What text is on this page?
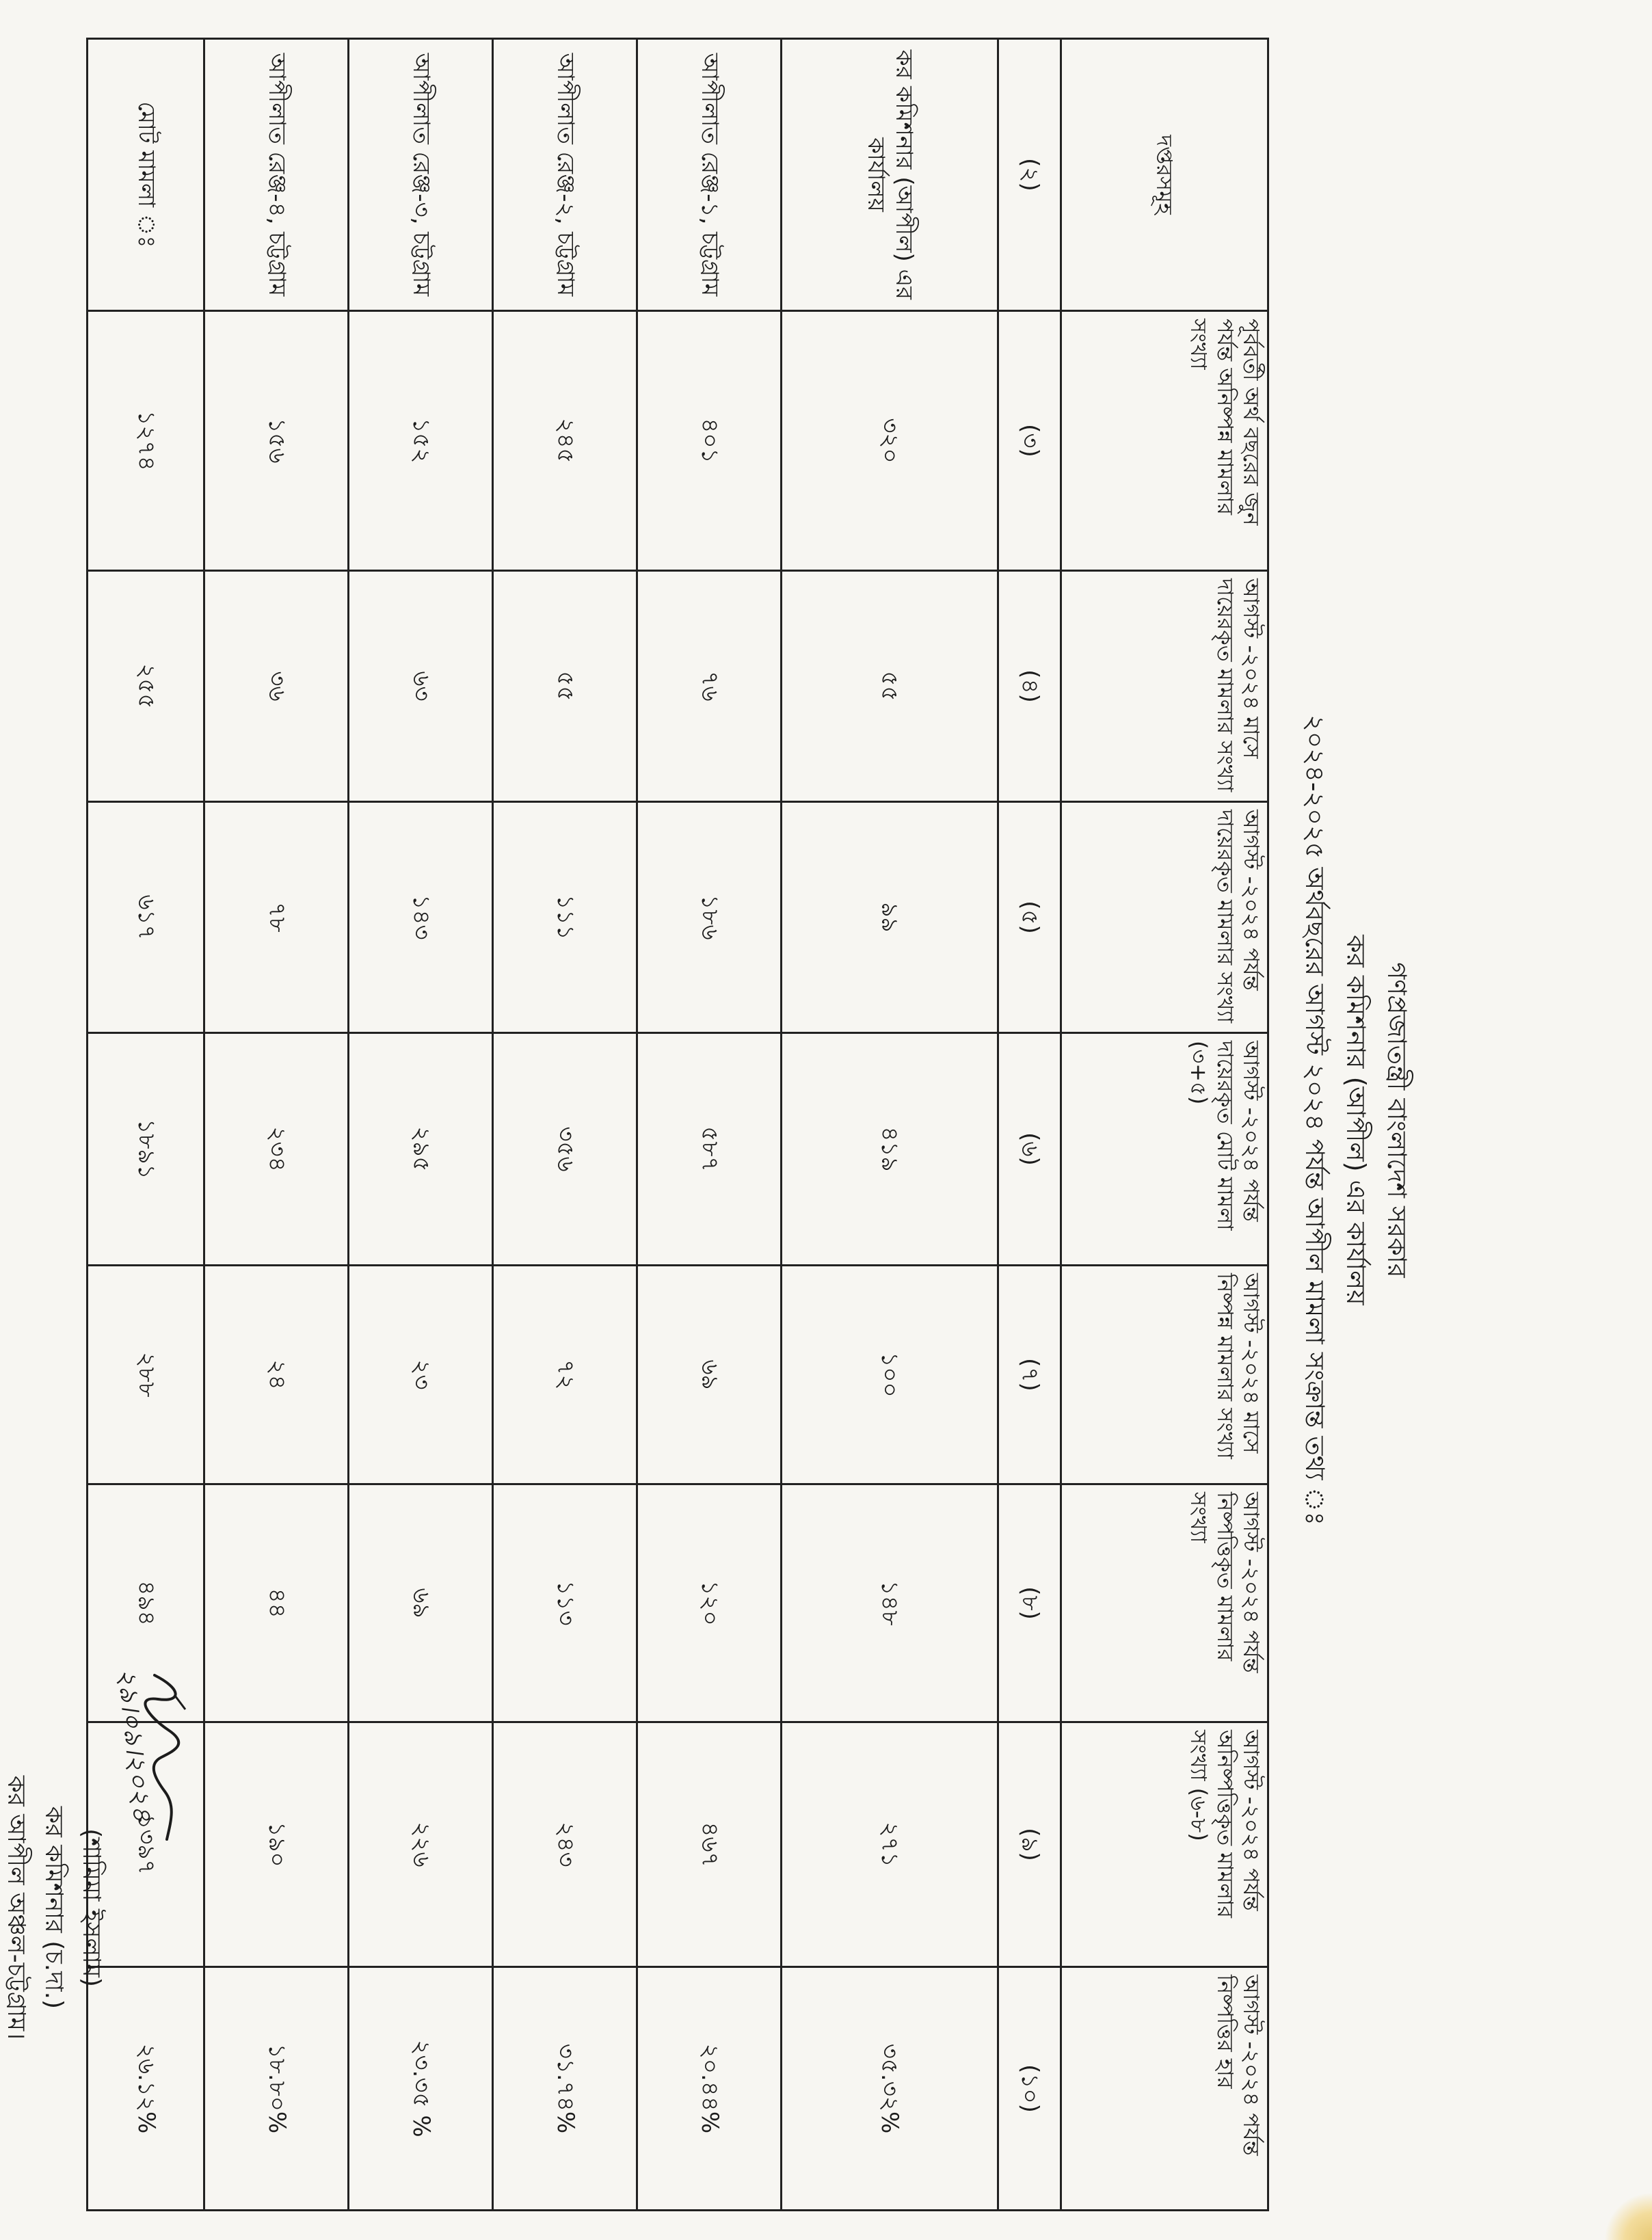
গণপ্রজাতন্ত্রী বাংলাদেশ সরকার
কর কমিশনার (আপীল) এর কার্যালয়
২০২৪-২০২৫ অর্থবছরের আগস্ট ২০২৪ পর্যন্ত আপীল মামলা সংক্রান্ত তথ্য ঃ
দপ্তরসমূহ	পূর্ববর্তী অর্থ বছরের জুন পর্যন্ত অনিষ্পন্ন মামলার সংখ্যা	আগস্ট -২০২৪ মাসে দায়েরকৃত মামলার সংখ্যা	আগস্ট -২০২৪ পর্যন্ত দায়েরকৃত মামলার সংখ্যা	আগস্ট -২০২৪ পর্যন্ত দায়েরকৃত মোট মামলা (৩+৫)	আগস্ট -২০২৪ মাসে নিষ্পন্ন মামলার সংখ্যা	আগস্ট -২০২৪ পর্যন্ত নিষ্পত্তিকৃত মামলার সংখ্যা	আগস্ট -২০২৪ পর্যন্ত অনিষ্পত্তিকৃত মামলার সংখ্যা (৬-৮)	আগস্ট -২০২৪ পর্যন্ত নিষ্পত্তির হার
(২)	(৩)	(৪)	(৫)	(৬)	(৭)	(৮)	(৯)	(১০)
কর কমিশনার (আপীল) এর কার্যালয়	৩২০	৫৫	৯৯	৪১৯	১০০	১৪৮	২৭১	৩৫.৩২%
আপীলাত রেঞ্জ-১, চট্টগ্রাম	৪০১	৭৬	১৮৬	৫৮৭	৬৯	১২০	৪৬৭	২০.৪৪%
আপীলাত রেঞ্জ-২, চট্টগ্রাম	২৪৫	৫৫	১১১	৩৫৬	৭২	১১৩	২৪৩	৩১.৭৪%
আপীলাত রেঞ্জ-৩, চট্টগ্রাম	১৫২	৬৩	১৪৩	২৯৫	২৩	৬৯	২২৬	২৩.৩৫ %
আপীলাত রেঞ্জ-৪, চট্টগ্রাম	১৫৬	৩৬	৭৮	২৩৪	২৪	৪৪	১৯০	১৮.৮০%
মোট মামলা ঃ	১২৭৪	২৫৫	৬১৭	১৮৯১	২৮৮	৪৯৪	১৩৯৭	২৬.১২%
২৯।০৯।২০২৪
(শামিমা ইসলাম)
কর কমিশনার (চ.দা.)
কর আপীল অঞ্চল-চট্টগ্রাম।
